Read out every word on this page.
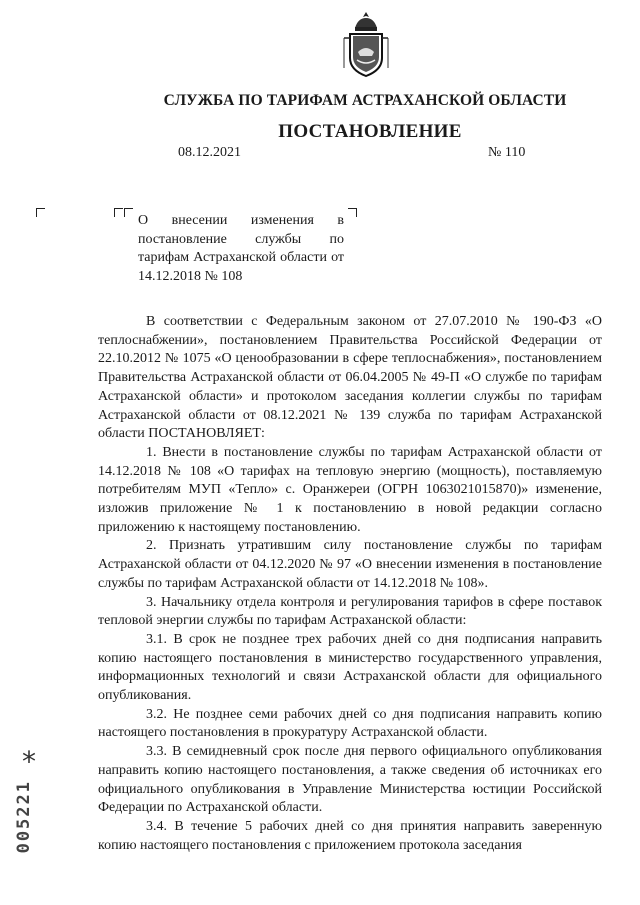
СЛУЖБА ПО ТАРИФАМ АСТРАХАНСКОЙ ОБЛАСТИ
ПОСТАНОВЛЕНИЕ
08.12.2021	№ 110
О внесении изменения в постановление службы по тарифам Астраханской области от 14.12.2018 № 108

В соответствии с Федеральным законом от 27.07.2010 № 190-ФЗ «О теплоснабжении», постановлением Правительства Российской Федерации от 22.10.2012 № 1075 «О ценообразовании в сфере теплоснабжения», постановлением Правительства Астраханской области от 06.04.2005 № 49-П «О службе по тарифам Астраханской области» и протоколом заседания коллегии службы по тарифам Астраханской области от 08.12.2021 № 139 служба по тарифам Астраханской области ПОСТАНОВЛЯЕТ:

1. Внести в постановление службы по тарифам Астраханской области от 14.12.2018 № 108 «О тарифах на тепловую энергию (мощность), поставляемую потребителям МУП «Тепло» с. Оранжереи (ОГРН 1063021015870)» изменение, изложив приложение № 1 к постановлению в новой редакции согласно приложению к настоящему постановлению.

2. Признать утратившим силу постановление службы по тарифам Астраханской области от 04.12.2020 № 97 «О внесении изменения в постановление службы по тарифам Астраханской области от 14.12.2018 № 108».

3. Начальнику отдела контроля и регулирования тарифов в сфере поставок тепловой энергии службы по тарифам Астраханской области:

3.1. В срок не позднее трех рабочих дней со дня подписания направить копию настоящего постановления в министерство государственного управления, информационных технологий и связи Астраханской области для официального опубликования.

3.2. Не позднее семи рабочих дней со дня подписания направить копию настоящего постановления в прокуратуру Астраханской области.

3.3. В семидневный срок после дня первого официального опубликования направить копию настоящего постановления, а также сведения об источниках его официального опубликования в Управление Министерства юстиции Российской Федерации по Астраханской области.

3.4. В течение 5 рабочих дней со дня принятия направить заверенную копию настоящего постановления с приложением протокола заседания

*
005221
